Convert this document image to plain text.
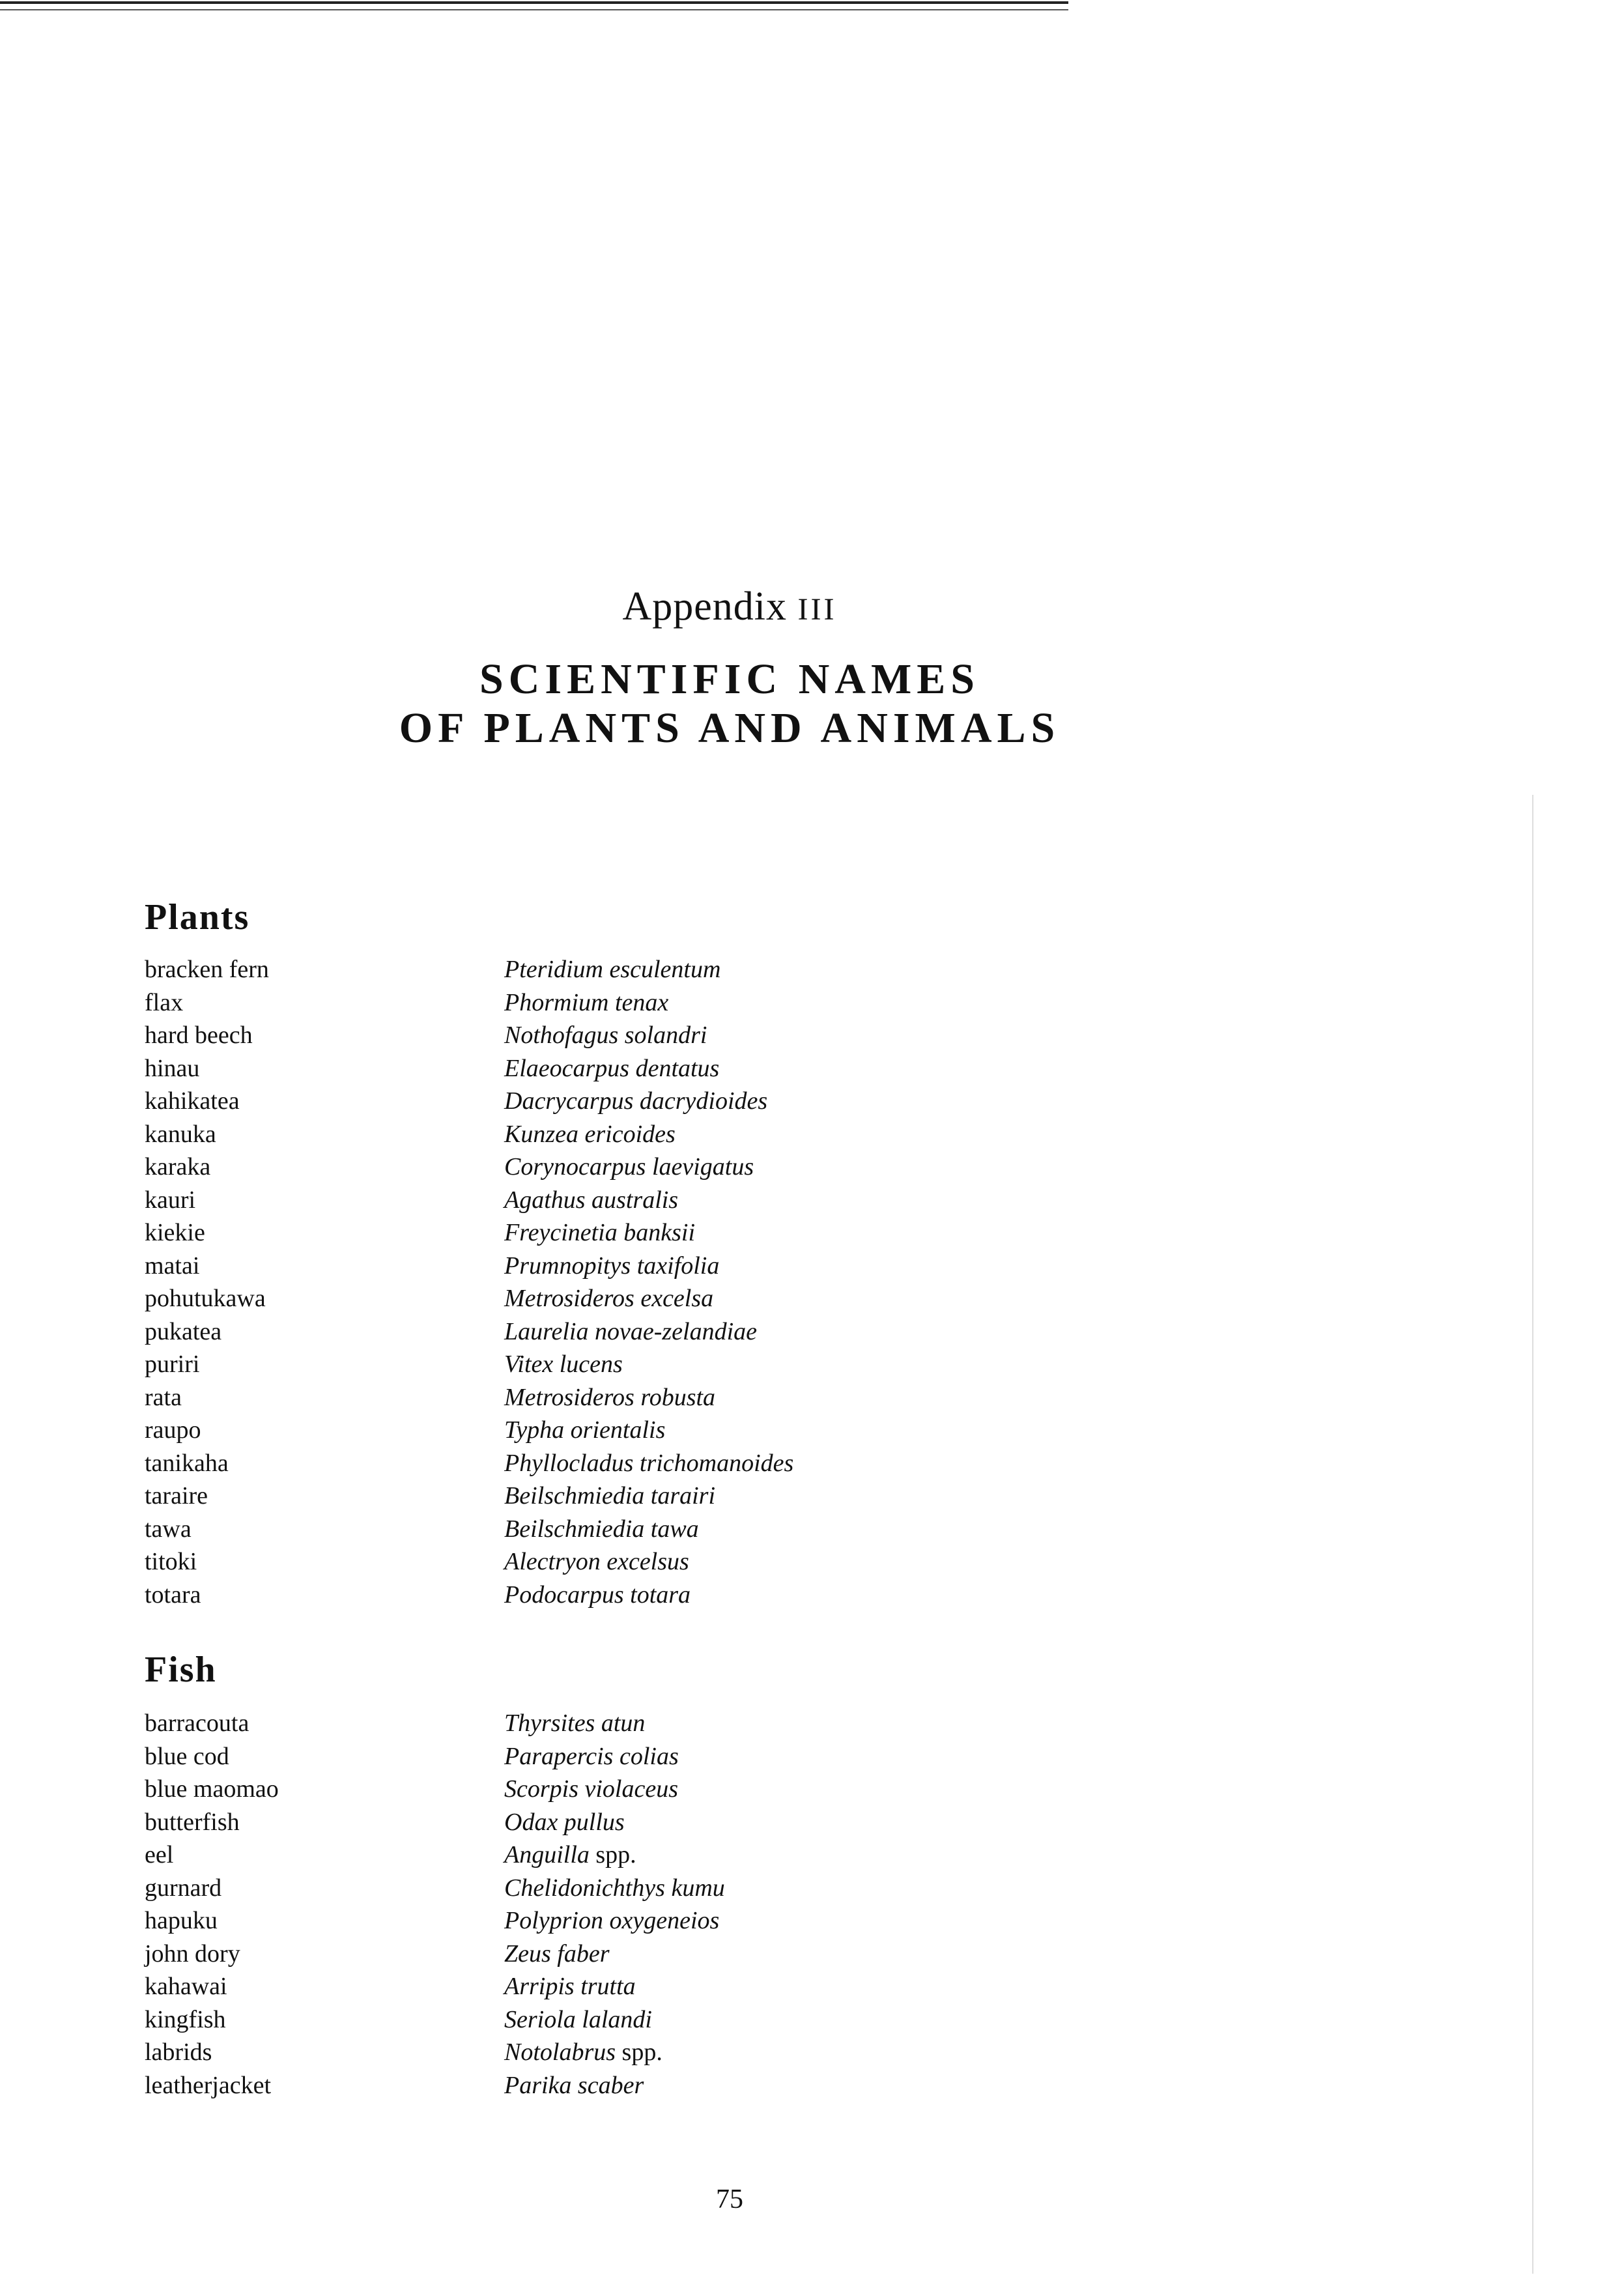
Appendix III
SCIENTIFIC NAMES
OF PLANTS AND ANIMALS
Plants
bracken fern	Pteridium esculentum
flax	Phormium tenax
hard beech	Nothofagus solandri
hinau	Elaeocarpus dentatus
kahikatea	Dacrycarpus dacrydioides
kanuka	Kunzea ericoides
karaka	Corynocarpus laevigatus
kauri	Agathus australis
kiekie	Freycinetia banksii
matai	Prumnopitys taxifolia
pohutukawa	Metrosideros excelsa
pukatea	Laurelia novae-zelandiae
puriri	Vitex lucens
rata	Metrosideros robusta
raupo	Typha orientalis
tanikaha	Phyllocladus trichomanoides
taraire	Beilschmiedia tarairi
tawa	Beilschmiedia tawa
titoki	Alectryon excelsus
totara	Podocarpus totara
Fish
barracouta	Thyrsites atun
blue cod	Parapercis colias
blue maomao	Scorpis violaceus
butterfish	Odax pullus
eel	Anguilla spp.
gurnard	Chelidonichthys kumu
hapuku	Polyprion oxygeneios
john dory	Zeus faber
kahawai	Arripis trutta
kingfish	Seriola lalandi
labrids	Notolabrus spp.
leatherjacket	Parika scaber
75
